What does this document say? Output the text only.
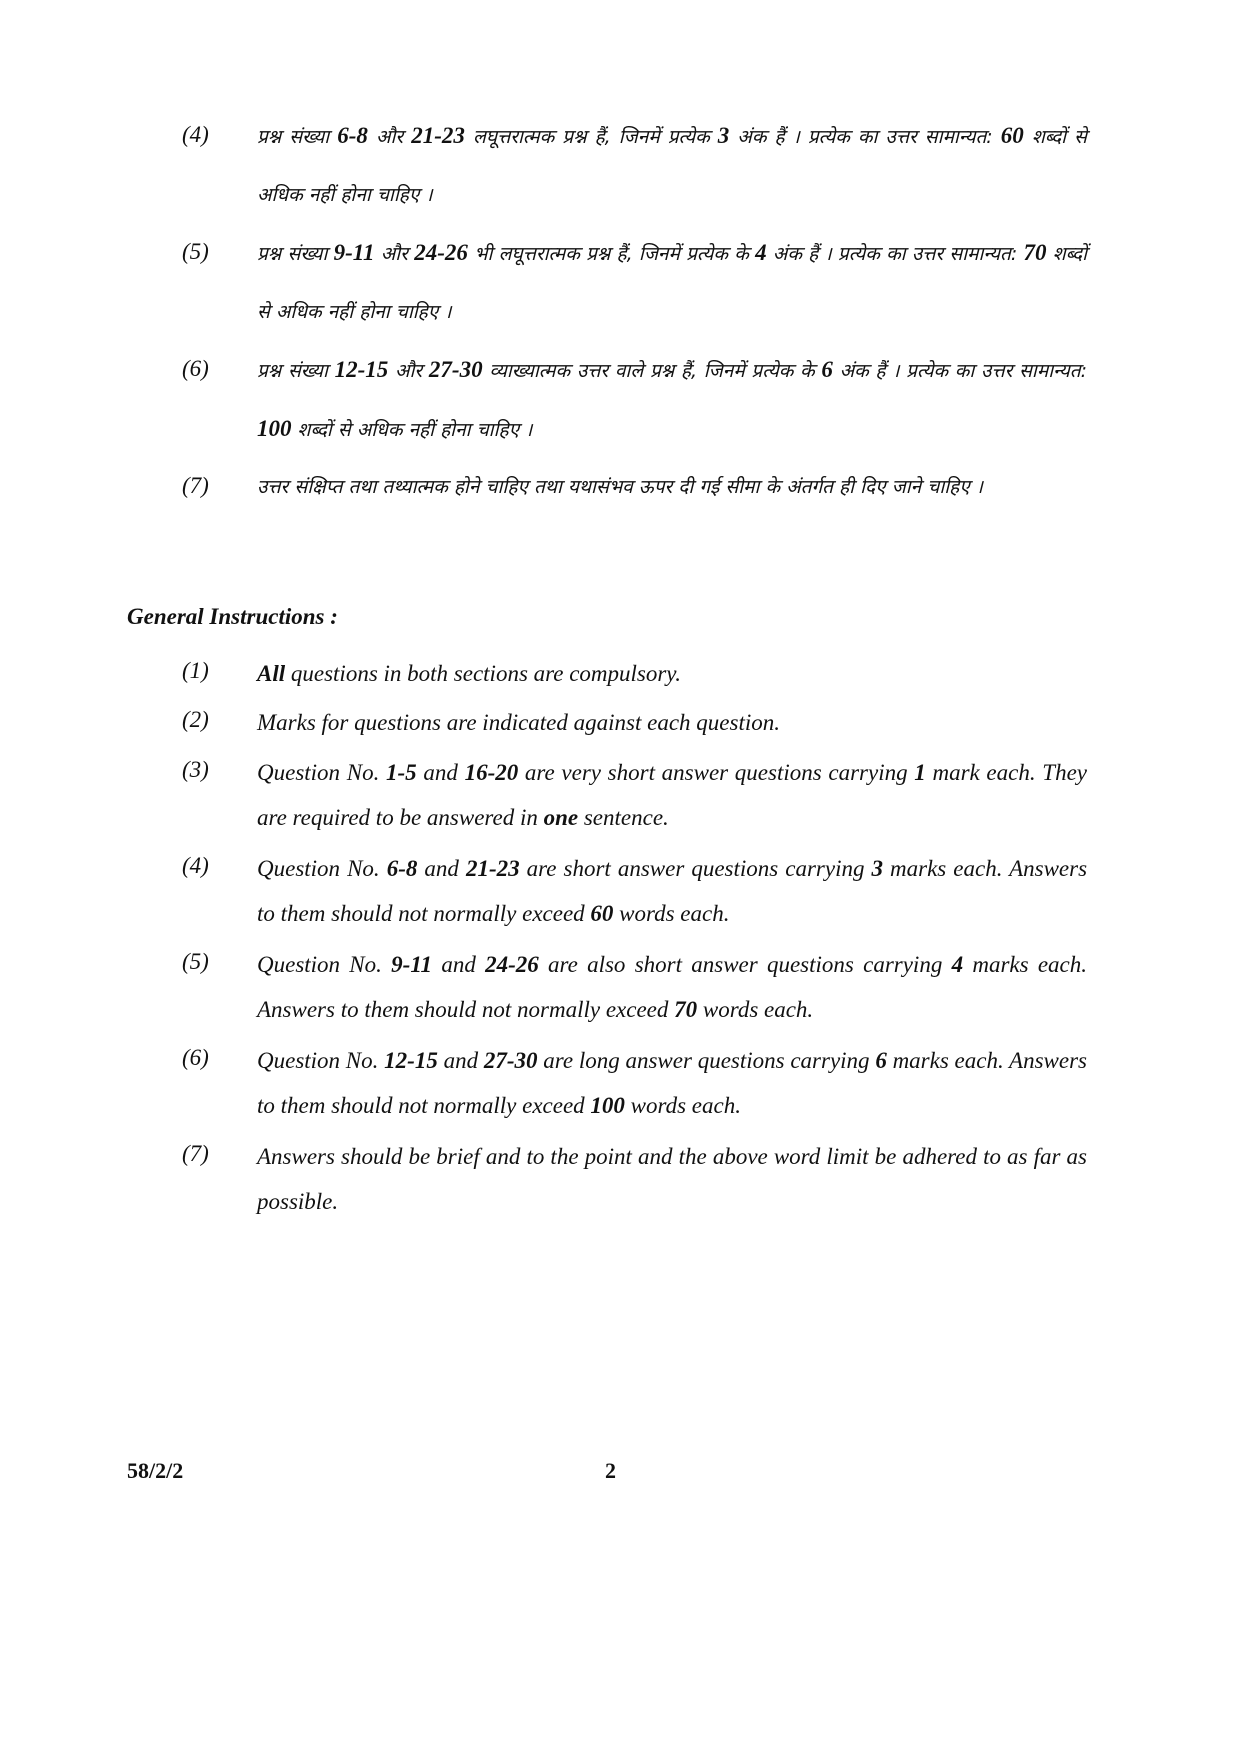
(4)	प्रश्न संख्या 6-8 और 21-23 लघूत्तरात्मक प्रश्न हैं, जिनमें प्रत्येक 3 अंक हैं । प्रत्येक का उत्तर सामान्यत: 60 शब्दों से अधिक नहीं होना चाहिए ।
(5)	प्रश्न संख्या 9-11 और 24-26 भी लघूत्तरात्मक प्रश्न हैं, जिनमें प्रत्येक के 4 अंक हैं । प्रत्येक का उत्तर सामान्यत: 70 शब्दों से अधिक नहीं होना चाहिए ।
(6)	प्रश्न संख्या 12-15 और 27-30 व्याख्यात्मक उत्तर वाले प्रश्न हैं, जिनमें प्रत्येक के 6 अंक हैं । प्रत्येक का उत्तर सामान्यत: 100 शब्दों से अधिक नहीं होना चाहिए ।
(7)	उत्तर संक्षिप्त तथा तथ्यात्मक होने चाहिए तथा यथासंभव ऊपर दी गई सीमा के अंतर्गत ही दिए जाने चाहिए ।
General Instructions :
(1)	All questions in both sections are compulsory.
(2)	Marks for questions are indicated against each question.
(3)	Question No. 1-5 and 16-20 are very short answer questions carrying 1 mark each. They are required to be answered in one sentence.
(4)	Question No. 6-8 and 21-23 are short answer questions carrying 3 marks each. Answers to them should not normally exceed 60 words each.
(5)	Question No. 9-11 and 24-26 are also short answer questions carrying 4 marks each. Answers to them should not normally exceed 70 words each.
(6)	Question No. 12-15 and 27-30 are long answer questions carrying 6 marks each. Answers to them should not normally exceed 100 words each.
(7)	Answers should be brief and to the point and the above word limit be adhered to as far as possible.
58/2/2	2
